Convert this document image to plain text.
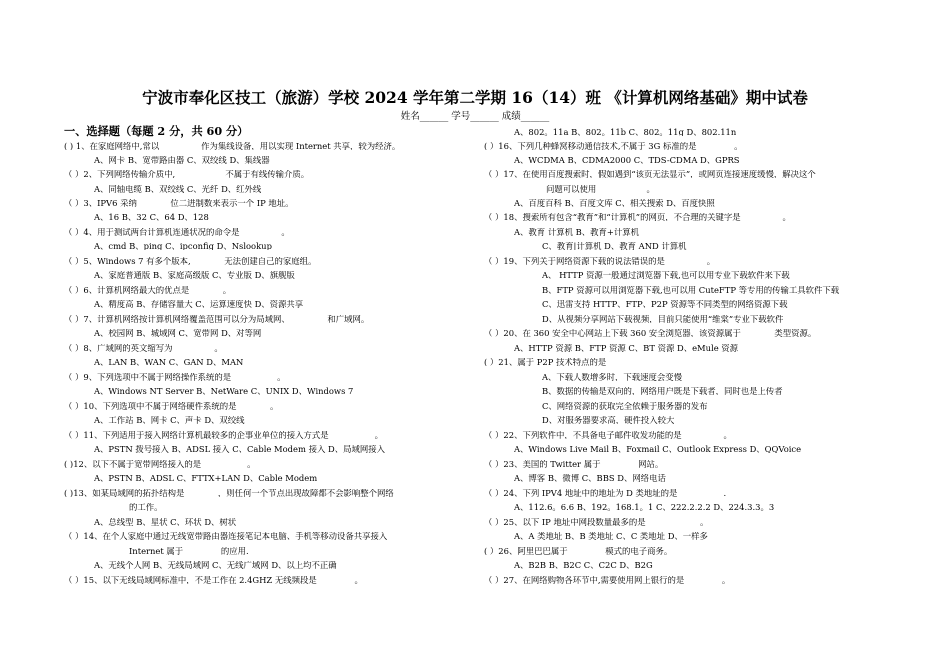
宁波市奉化区技工（旅游）学校 2024 学年第二学期 16（14）班 《计算机网络基础》期中试卷
姓名______ 学号______ 成绩______
一、选择题（每题 2 分，共 60 分）
( ) 1、在家庭网络中,常以__________作为集线设备，用以实现 Internet 共享，较为经济。
A、网卡 B、宽带路由器 C、双绞线 D、集线器
（ ）2、下列网络传输介质中,____________不属于有线传输介质。
A、同轴电缆 B、双绞线 C、光纤 D、红外线
（ ）3、IPV6 采纳________位二进制数来表示一个 IP 地址。
A、16 B、32 C、64 D、128
（ ）4、用于测试两台计算机连通状况的命令是__________。
A、cmd B、ping C、ipconfig D、Nslookup
（ ）5、Windows 7 有多个版本,________无法创建自己的家庭组。
A、家庭普通版 B、家庭高级版 C、专业版 D、旗舰版
（ ）6、计算机网络最大的优点是________。
A、精度高 B、存储容量大 C、运算速度快 D、资源共享
（ ）7、计算机网络按计算机网络覆盖范围可以分为局域网、_________和广域网。
A、校园网 B、城域网 C、宽带网 D、对等网
（ ）8、广域网的英文缩写为__________。
A、LAN B、WAN C、GAN D、MAN
（ ）9、下列选项中不属于网络操作系统的是___________。
A、Windows NT Server B、NetWare C、UNIX D、Windows 7
（ ）10、下列选项中不属于网络硬件系统的是________。
A、工作站 B、网卡 C、声卡 D、双绞线
（ ）11、下列适用于接入网络计算机最较多的企事业单位的接入方式是___________。
A、PSTN 拨号接入 B、ADSL 接入 C、Cable Modem 接入 D、局域网接入
( )12、以下不属于宽带网络接入的是___________。
A、PSTN B、ADSL C、FTTX+LAN D、Cable Modem
( )13、如某局域网的拓扑结构是________，则任何一个节点出现故障都不会影响整个网络
的工作。
A、总线型 B、星状 C、环状 D、树状
（ ）14、在个人家庭中通过无线宽带路由器连接笔记本电脑、手机等移动设备共享接入
Internet 属于_________的应用.
A、无线个人网 B、无线局域网 C、无线广域网 D、以上均不正确
（ ）15、以下无线局域网标准中，不是工作在 2.4GHZ 无线频段是_________。
A、802。11a B、802。11b C、802。11g D、802.11n
( ）16、下列几种蜂窝移动通信技术,不属于 3G 标准的是_________。
A、WCDMA B、CDMA2000 C、TDS-CDMA D、GPRS
（ ）17、在使用百度搜索时，假如遇到“该页无法显示”，或网页连接速度缓慢，解决这个
问题可以使用____________。
A、百度百科 B、百度文库 C、相关搜索 D、百度快照
（ ）18、搜索所有包含“教育”和“计算机”的网页，不合理的关键字是__________。
A、教育 计算机 B、教育+计算机
C、教育|计算机 D、教育 AND 计算机
（ ）19、下列关于网络资源下载的说法错误的是__________。
A、 HTTP 资源一般通过浏览器下载,也可以用专业下载软件来下载
B、FTP 资源可以用浏览器下载,也可以用 CuteFTP 等专用的传输工具软件下载
C、迅雷支持 HTTP、FTP、P2P 资源等不同类型的网络资源下载
D、从视频分享网站下载视频，目前只能使用“维棠”专业下载软件
（ ）20、在 360 安全中心网站上下载 360 安全浏览器，该资源属于________类型资源。
A、HTTP 资源 B、FTP 资源 C、BT 资源 D、eMule 资源
( ）21、属于 P2P 技术特点的是_________
A、下载人数增多时，下载速度会变慢
B、数据的传输是双向的，网络用户既是下载者，同时也是上传者
C、网络资源的获取完全依赖于服务器的发布
D、对服务器要求高，硬件投入较大
（ ）22、下列软件中，不具备电子邮件收发功能的是__________。
A、Windows Live Mail B、Foxmail C、Outlook Express D、QQVoice
（ ）23、美国的 Twitter 属于_________网站。
A、博客 B、微博 C、BBS D、网络电话
（ ）24、下列 IPV4 地址中的地址为 D 类地址的是___________.
A、112.6。6.6 B、192。168.1。1 C、222.2.2.2 D、224.3.3。3
（ ）25、以下 IP 地址中网段数量最多的是_____________。
A、A 类地址 B、B 类地址 C、C 类地址 D、一样多
( ）26、阿里巴巴属于_________模式的电子商务。
A、B2B B、B2C C、C2C D、B2G
（ ）27、在网络购物各环节中,需要使用网上银行的是_________。
